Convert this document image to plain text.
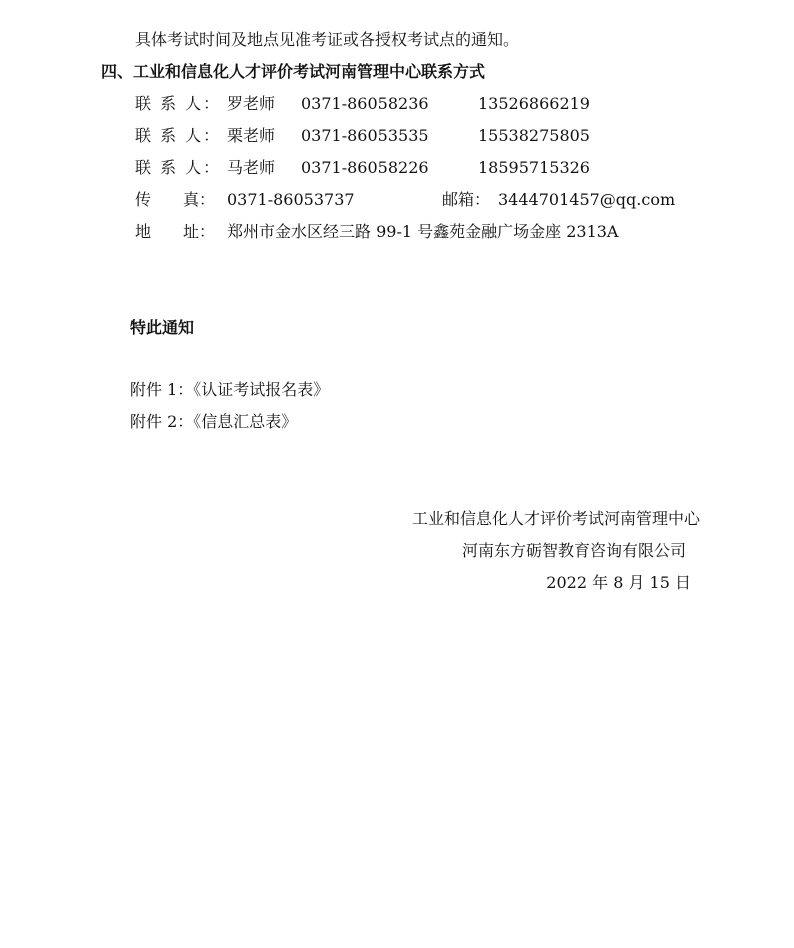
具体考试时间及地点见准考证或各授权考试点的通知。
四、工业和信息化人才评价考试河南管理中心联系方式
联 系 人： 罗老师 0371-86058236	13526866219
联 系 人： 栗老师 0371-86053535	15538275805
联 系 人： 马老师 0371-86058226	18595715326
传　　真： 0371-86053737	邮箱： 3444701457@qq.com
地　　址： 郑州市金水区经三路 99-1 号鑫苑金融广场金座 2313A
特此通知
附件 1：《认证考试报名表》
附件 2：《信息汇总表》
工业和信息化人才评价考试河南管理中心
河南东方砺智教育咨询有限公司
2022 年 8 月 15 日
